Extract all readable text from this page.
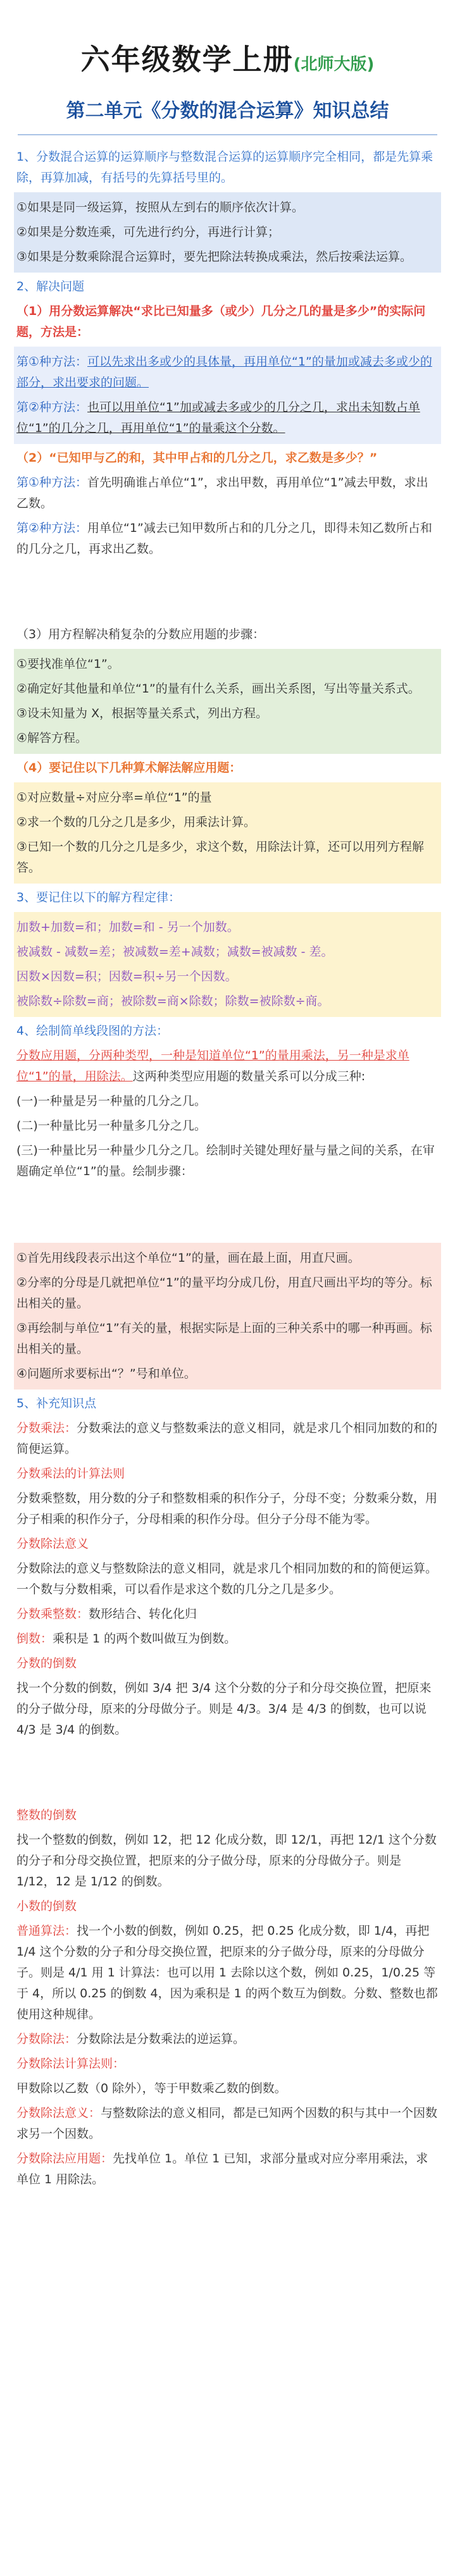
六年级数学上册(北师大版)
第二单元《分数的混合运算》知识总结
1、分数混合运算的运算顺序与整数混合运算的运算顺序完全相同，都是先算乘除，再算加减，有括号的先算括号里的。
①如果是同一级运算，按照从左到右的顺序依次计算。
②如果是分数连乘，可先进行约分，再进行计算；
③如果是分数乘除混合运算时，要先把除法转换成乘法，然后按乘法运算。
2、解决问题
（1）用分数运算解决“求比已知量多（或少）几分之几的量是多少”的实际问题，方法是：
第①种方法：可以先求出多或少的具体量，再用单位“1”的量加或减去多或少的部分，求出要求的问题。
第②种方法：也可以用单位“1”加或减去多或少的几分之几，求出未知数占单位“1”的几分之几，再用单位“1”的量乘这个分数。
（2）“已知甲与乙的和，其中甲占和的几分之几，求乙数是多少？”
第①种方法：首先明确谁占单位“1”，求出甲数，再用单位“1”减去甲数，求出乙数。
第②种方法：用单位“1”减去已知甲数所占和的几分之几，即得未知乙数所占和的几分之几，再求出乙数。
（3）用方程解决稍复杂的分数应用题的步骤：
①要找准单位“1”。
②确定好其他量和单位“1”的量有什么关系，画出关系图，写出等量关系式。
③设未知量为 X，根据等量关系式，列出方程。
④解答方程。
（4）要记住以下几种算术解法解应用题：
①对应数量÷对应分率=单位“1”的量
②求一个数的几分之几是多少，用乘法计算。
③已知一个数的几分之几是多少，求这个数，用除法计算，还可以用列方程解答。
3、要记住以下的解方程定律：
加数+加数=和；加数=和 - 另一个加数。
被减数 - 减数=差；被减数=差+减数；减数=被减数 - 差。
因数×因数=积；因数=积÷另一个因数。
被除数÷除数=商；被除数=商×除数；除数=被除数÷商。
4、绘制简单线段图的方法：
分数应用题，分两种类型，一种是知道单位“1”的量用乘法，另一种是求单位“1”的量，用除法。这两种类型应用题的数量关系可以分成三种:
(一)一种量是另一种量的几分之几。
(二)一种量比另一种量多几分之几。
(三)一种量比另一种量少几分之几。绘制时关键处理好量与量之间的关系，在审题确定单位“1”的量。绘制步骤：
①首先用线段表示出这个单位“1”的量，画在最上面，用直尺画。
②分率的分母是几就把单位“1”的量平均分成几份，用直尺画出平均的等分。标出相关的量。
③再绘制与单位“1”有关的量，根据实际是上面的三种关系中的哪一种再画。标出相关的量。
④问题所求要标出“？”号和单位。
5、补充知识点
分数乘法：分数乘法的意义与整数乘法的意义相同，就是求几个相同加数的和的简便运算。
分数乘法的计算法则
分数乘整数，用分数的分子和整数相乘的积作分子，分母不变；分数乘分数，用分子相乘的积作分子，分母相乘的积作分母。但分子分母不能为零。
分数除法意义
分数除法的意义与整数除法的意义相同，就是求几个相同加数的和的简便运算。一个数与分数相乘，可以看作是求这个数的几分之几是多少。
分数乘整数：数形结合、转化化归
倒数：乘积是 1 的两个数叫做互为倒数。
分数的倒数
找一个分数的倒数，例如 3/4 把 3/4 这个分数的分子和分母交换位置，把原来的分子做分母，原来的分母做分子。则是 4/3。3/4 是 4/3 的倒数，也可以说 4/3 是 3/4 的倒数。
整数的倒数
找一个整数的倒数，例如 12，把 12 化成分数，即 12/1，再把 12/1 这个分数的分子和分母交换位置，把原来的分子做分母，原来的分母做分子。则是 1/12，12 是 1/12 的倒数。
小数的倒数
普通算法：找一个小数的倒数，例如 0.25，把 0.25 化成分数，即 1/4，再把 1/4 这个分数的分子和分母交换位置，把原来的分子做分母，原来的分母做分子。则是 4/1 用 1 计算法：也可以用 1 去除以这个数，例如 0.25，1/0.25 等于 4，所以 0.25 的倒数 4，因为乘积是 1 的两个数互为倒数。分数、整数也都使用这种规律。
分数除法：分数除法是分数乘法的逆运算。
分数除法计算法则：
甲数除以乙数（0 除外），等于甲数乘乙数的倒数。
分数除法意义：与整数除法的意义相同，都是已知两个因数的积与其中一个因数求另一个因数。
分数除法应用题：先找单位 1。单位 1 已知，求部分量或对应分率用乘法，求单位 1 用除法。
